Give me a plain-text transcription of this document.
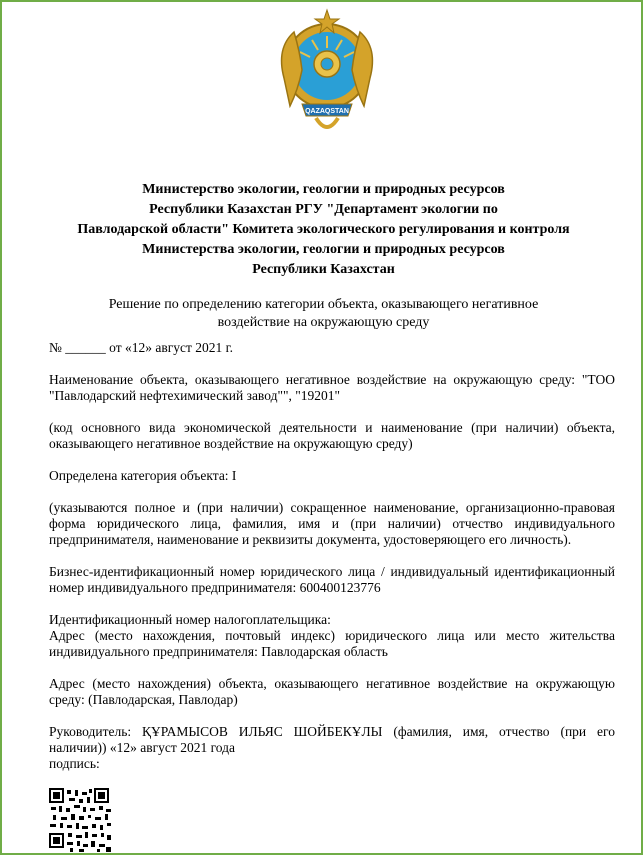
QAZAQSTAN
Министерство экологии, геологии и природных ресурсов
Республики Казахстан РГУ "Департамент экологии по
Павлодарской области" Комитета экологического регулирования и контроля
Министерства экологии, геологии и природных ресурсов
Республики Казахстан
Решение по определению категории объекта, оказывающего негативное
воздействие на окружающую среду

№ ______ от «12» август 2021 г.

Наименование объекта, оказывающего негативное воздействие на окружающую среду: "ТОО "Павлодарский нефтехимический завод"", "19201"

(код основного вида экономической деятельности и наименование (при наличии) объекта, оказывающего негативное воздействие на окружающую среду)

Определена категория объекта: I

(указываются полное и (при наличии) сокращенное наименование, организационно-правовая форма юридического лица, фамилия, имя и (при наличии) отчество индивидуального предпринимателя, наименование и реквизиты документа, удостоверяющего его личность).

Бизнес-идентификационный номер юридического лица / индивидуальный идентификационный номер индивидуального предпринимателя: 600400123776

Идентификационный номер налогоплательщика:

Адрес (место нахождения, почтовый индекс) юридического лица или место жительства индивидуального предпринимателя: Павлодарская область

Адрес (место нахождения) объекта, оказывающего негативное воздействие на окружающую среду: (Павлодарская, Павлодар)

Руководитель: ҚҰРАМЫСОВ ИЛЬЯС ШОЙБЕКҰЛЫ (фамилия, имя, отчество (при его наличии)) «12» август 2021 года

подпись:
